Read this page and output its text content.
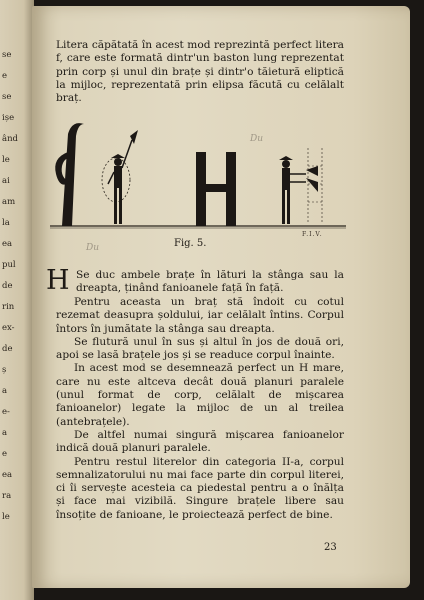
se
e
se
ișe
ând
le
ai
am
la
ea
pul
de
rin
ex-
de
ș
a
e-
a
e
ea
ra
le
Litera căpătată în acest mod reprezintă perfect litera f, care este formată dintr'un baston lung reprezentat prin corp și unul din brațe și dintr'o tăietură eliptică la mijloc, reprezentată prin elipsa făcută cu celălalt braț.
F.I.V.
Fig. 5.
H Se duc ambele brațe în lături la stânga sau la dreapta, ținând fanioanele față în față.
Pentru aceasta un braț stă îndoit cu cotul rezemat deasupra șoldului, iar celălalt întins. Corpul întors în jumătate la stânga sau dreapta.
Se flutură unul în sus și altul în jos de două ori, apoi se lasă brațele jos și se readuce corpul înainte.
In acest mod se desemnează perfect un H mare, care nu este altceva decât două planuri paralele (unul format de corp, celălalt de mișcarea fanioanelor) legate la mijloc de un al treilea (antebrațele).
De altfel numai singură mișcarea fanioanelor indică două planuri paralele.
Pentru restul literelor din categoria II-a, corpul semnalizatorului nu mai face parte din corpul literei, ci îi servește acesteia ca piedestal pentru a o înălța și face mai vizibilă. Singure brațele libere sau însoțite de fanioane, le proiectează perfect de bine.
23
Du
Du
